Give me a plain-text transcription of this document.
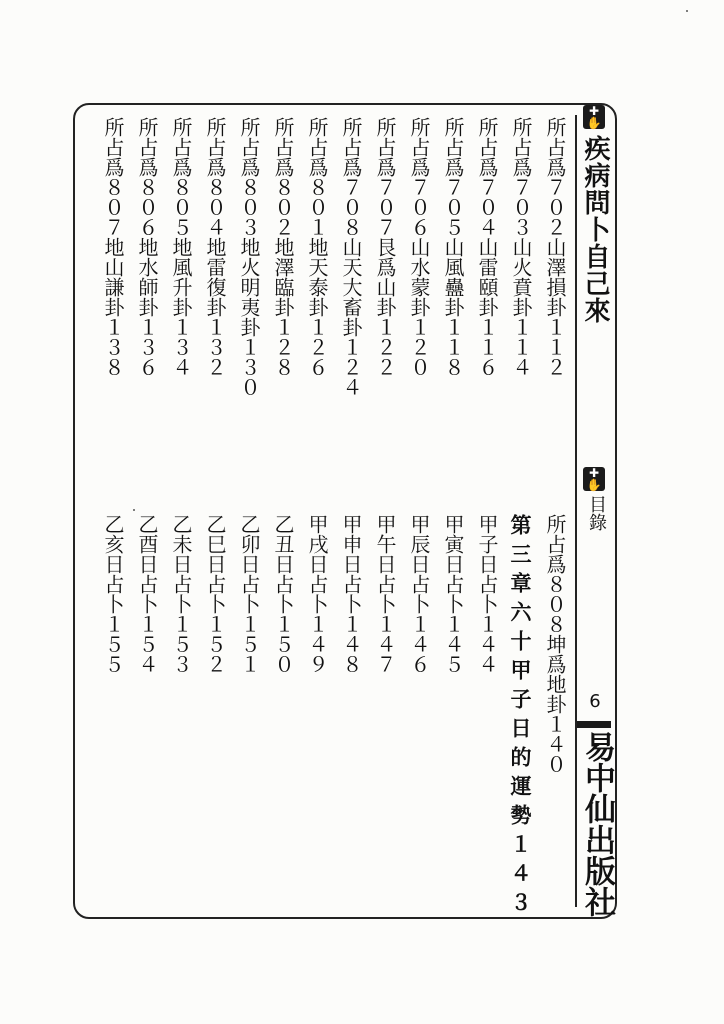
✚
✋
疾病問卜自己來
✚
✋
目錄
6
易中仙出版社
所占爲７０２山澤損卦１１２
所占爲７０３山火賁卦１１４
所占爲７０４山雷頤卦１１６
所占爲７０５山風蠱卦１１８
所占爲７０６山水蒙卦１２０
所占爲７０７艮爲山卦１２２
所占爲７０８山天大畜卦１２４
所占爲８０１地天泰卦１２６
所占爲８０２地澤臨卦１２８
所占爲８０３地火明夷卦１３０
所占爲８０４地雷復卦１３２
所占爲８０５地風升卦１３４
所占爲８０６地水師卦１３６
所占爲８０７地山謙卦１３８
所占爲８０８坤爲地卦１４０
第三章六十甲子日的運勢１４３
甲子日占卜１４４
甲寅日占卜１４５
甲辰日占卜１４６
甲午日占卜１４７
甲申日占卜１４８
甲戌日占卜１４９
乙丑日占卜１５０
乙卯日占卜１５１
乙巳日占卜１５２
乙未日占卜１５３
乙酉日占卜１５４
乙亥日占卜１５５
